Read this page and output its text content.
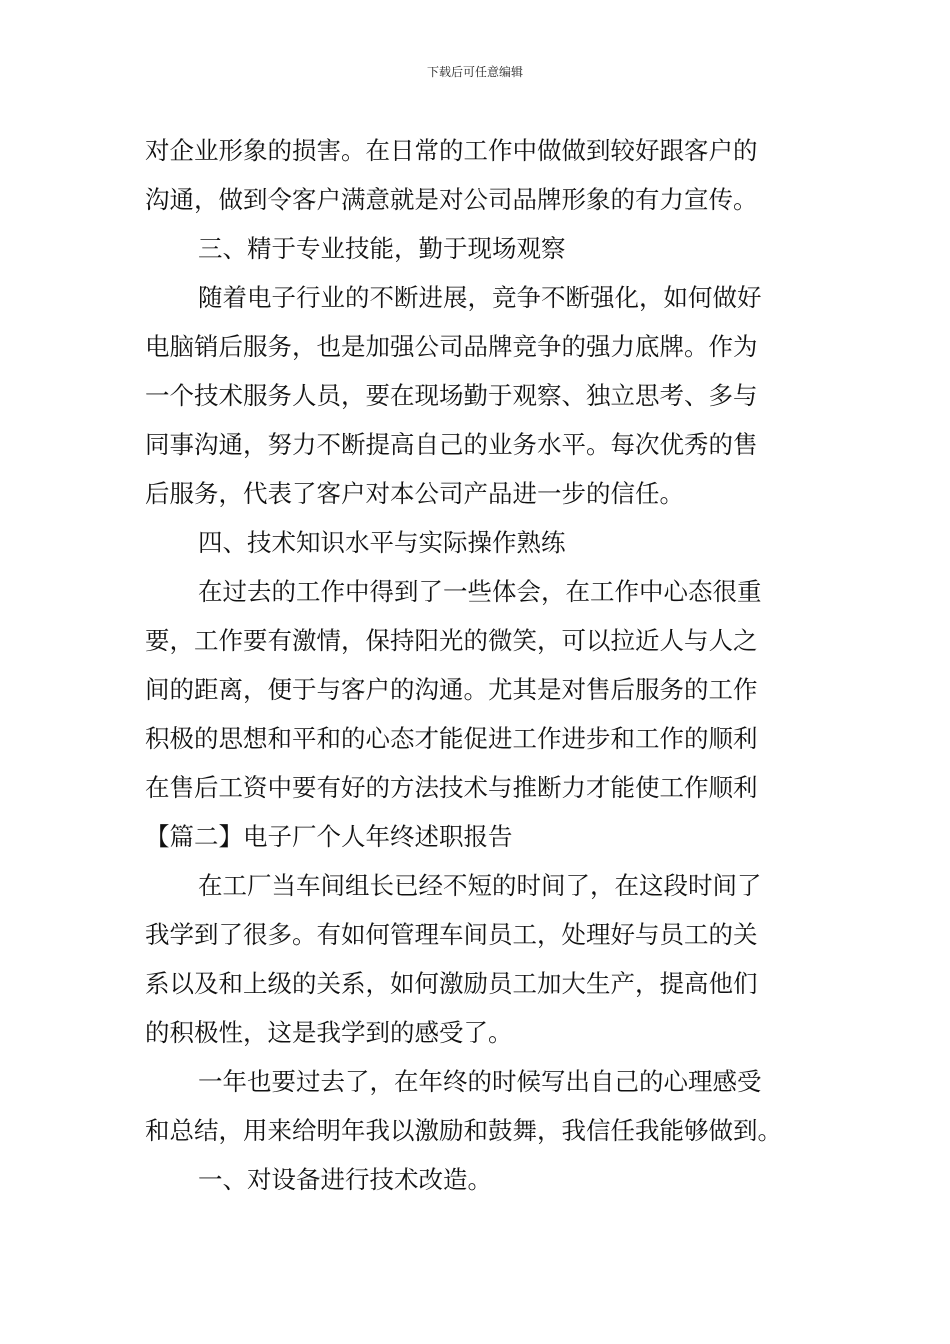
下载后可任意编辑
对企业形象的损害。在日常的工作中做做到较好跟客户的
沟通，做到令客户满意就是对公司品牌形象的有力宣传。
三、精于专业技能，勤于现场观察
随着电子行业的不断进展，竞争不断强化，如何做好
电脑销后服务，也是加强公司品牌竞争的强力底牌。作为
一个技术服务人员，要在现场勤于观察、独立思考、多与
同事沟通，努力不断提高自己的业务水平。每次优秀的售
后服务，代表了客户对本公司产品进一步的信任。
四、技术知识水平与实际操作熟练
在过去的工作中得到了一些体会，在工作中心态很重
要，工作要有激情，保持阳光的微笑，可以拉近人与人之
间的距离，便于与客户的沟通。尤其是对售后服务的工作
积极的思想和平和的心态才能促进工作进步和工作的顺利
在售后工资中要有好的方法技术与推断力才能使工作顺利
【篇二】电子厂个人年终述职报告
在工厂当车间组长已经不短的时间了，在这段时间了
我学到了很多。有如何管理车间员工，处理好与员工的关
系以及和上级的关系，如何激励员工加大生产，提高他们
的积极性，这是我学到的感受了。
一年也要过去了，在年终的时候写出自己的心理感受
和总结，用来给明年我以激励和鼓舞，我信任我能够做到。
一、对设备进行技术改造。
